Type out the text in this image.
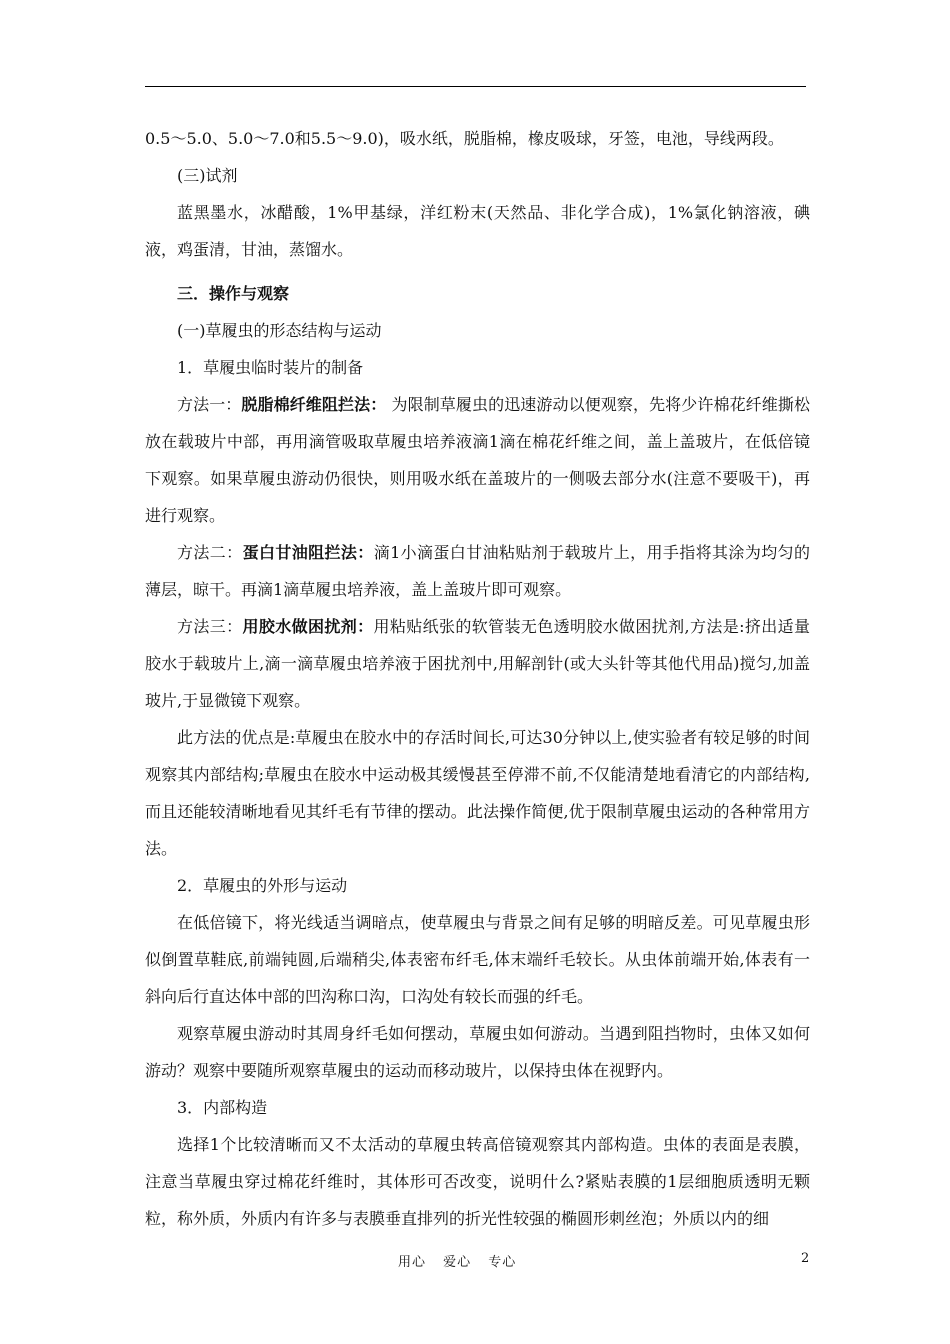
0.5～5.0、5.0～7.0和5.5～9.0)，吸水纸，脱脂棉，橡皮吸球，牙签，电池，导线两段。

(三)试剂

蓝黑墨水，冰醋酸，1%甲基绿，洋红粉末(天然品、非化学合成)，1%氯化钠溶液，碘液，鸡蛋清，甘油，蒸馏水。

三．操作与观察

(一)草履虫的形态结构与运动

1．草履虫临时装片的制备

方法一：脱脂棉纤维阻拦法： 为限制草履虫的迅速游动以便观察，先将少许棉花纤维撕松放在载玻片中部，再用滴管吸取草履虫培养液滴1滴在棉花纤维之间，盖上盖玻片，在低倍镜下观察。如果草履虫游动仍很快，则用吸水纸在盖玻片的一侧吸去部分水(注意不要吸干)，再进行观察。

方法二：蛋白甘油阻拦法：滴1小滴蛋白甘油粘贴剂于载玻片上，用手指将其涂为均匀的薄层，晾干。再滴1滴草履虫培养液，盖上盖玻片即可观察。

方法三：用胶水做困扰剂：用粘贴纸张的软管装无色透明胶水做困扰剂,方法是:挤出适量胶水于载玻片上,滴一滴草履虫培养液于困扰剂中,用解剖针(或大头针等其他代用品)搅匀,加盖玻片,于显微镜下观察。

此方法的优点是:草履虫在胶水中的存活时间长,可达30分钟以上,使实验者有较足够的时间观察其内部结构;草履虫在胶水中运动极其缓慢甚至停滞不前,不仅能清楚地看清它的内部结构,而且还能较清晰地看见其纤毛有节律的摆动。此法操作简便,优于限制草履虫运动的各种常用方法。

2．草履虫的外形与运动

在低倍镜下，将光线适当调暗点，使草履虫与背景之间有足够的明暗反差。可见草履虫形似倒置草鞋底,前端钝圆,后端稍尖,体表密布纤毛,体末端纤毛较长。从虫体前端开始,体表有一斜向后行直达体中部的凹沟称口沟，口沟处有较长而强的纤毛。

观察草履虫游动时其周身纤毛如何摆动，草履虫如何游动。当遇到阻挡物时，虫体又如何游动？观察中要随所观察草履虫的运动而移动玻片，以保持虫体在视野内。

3．内部构造

选择1个比较清晰而又不太活动的草履虫转高倍镜观察其内部构造。虫体的表面是表膜，注意当草履虫穿过棉花纤维时，其体形可否改变，说明什么?紧贴表膜的1层细胞质透明无颗粒，称外质，外质内有许多与表膜垂直排列的折光性较强的椭圆形刺丝泡；外质以内的细

用心 爱心 专心	2
